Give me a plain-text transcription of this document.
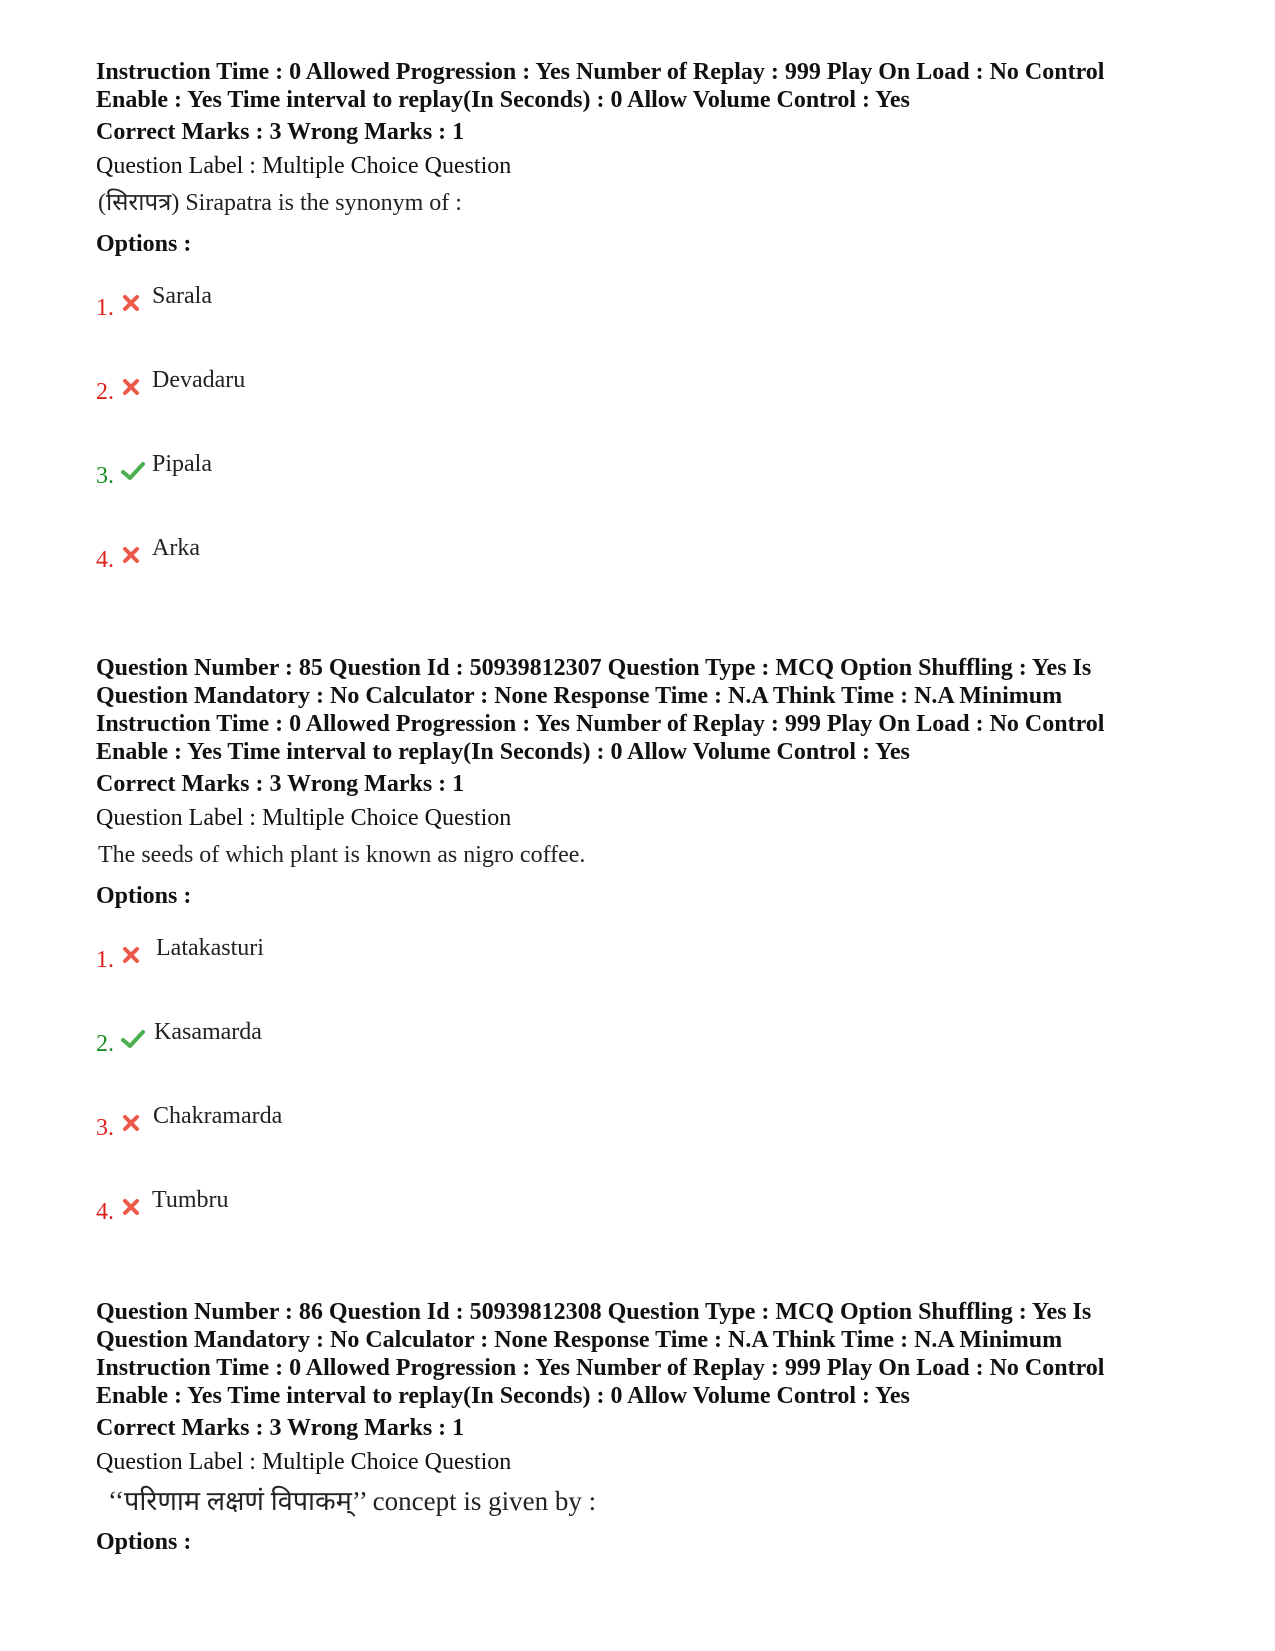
Instruction Time : 0 Allowed Progression : Yes Number of Replay : 999 Play On Load : No Control

Enable : Yes Time interval to replay(In Seconds) : 0 Allow Volume Control : Yes

Correct Marks : 3 Wrong Marks : 1

Question Label : Multiple Choice Question

(सिरापत्र) Sirapatra is the synonym of :

Options :

1. Sarala
2. Devadaru
3. Pipala
4. Arka

Question Number : 85 Question Id : 50939812307 Question Type : MCQ Option Shuffling : Yes Is

Question Mandatory : No Calculator : None Response Time : N.A Think Time : N.A Minimum

Instruction Time : 0 Allowed Progression : Yes Number of Replay : 999 Play On Load : No Control

Enable : Yes Time interval to replay(In Seconds) : 0 Allow Volume Control : Yes

Correct Marks : 3 Wrong Marks : 1

Question Label : Multiple Choice Question

The seeds of which plant is known as nigro coffee.

Options :

1. Latakasturi
2. Kasamarda
3. Chakramarda
4. Tumbru

Question Number : 86 Question Id : 50939812308 Question Type : MCQ Option Shuffling : Yes Is

Question Mandatory : No Calculator : None Response Time : N.A Think Time : N.A Minimum

Instruction Time : 0 Allowed Progression : Yes Number of Replay : 999 Play On Load : No Control

Enable : Yes Time interval to replay(In Seconds) : 0 Allow Volume Control : Yes

Correct Marks : 3 Wrong Marks : 1

Question Label : Multiple Choice Question

‘‘परिणाम लक्षणं विपाकम्’’ concept is given by :

Options :
